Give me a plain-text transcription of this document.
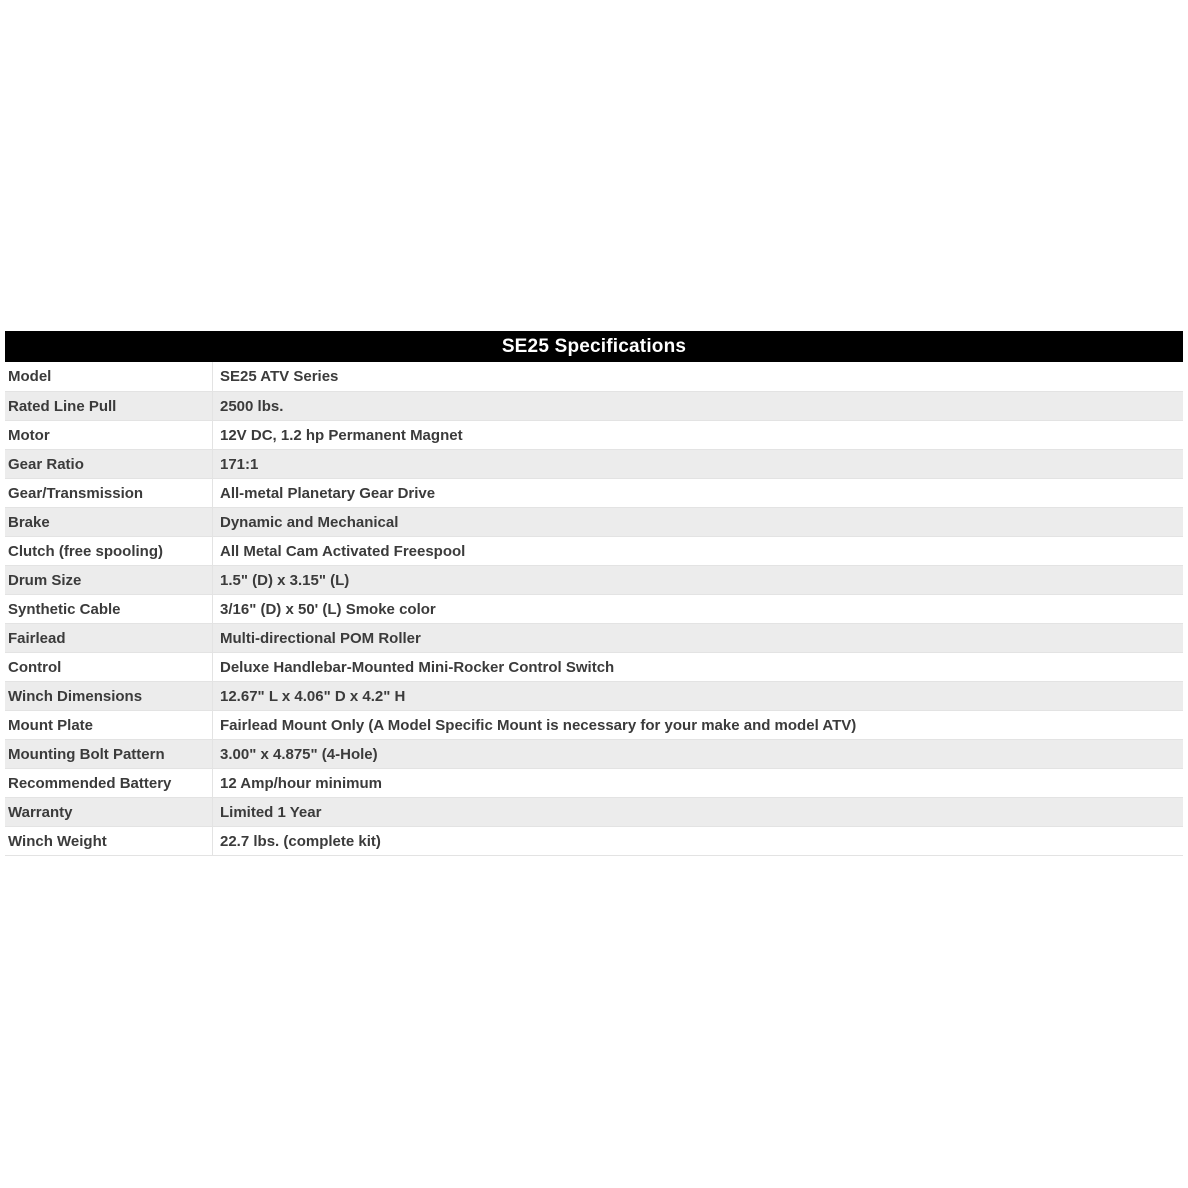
SE25 Specifications
Model	SE25 ATV Series
Rated Line Pull	2500 lbs.
Motor	12V DC, 1.2 hp Permanent Magnet
Gear Ratio	171:1
Gear/Transmission	All-metal Planetary Gear Drive
Brake	Dynamic and Mechanical
Clutch (free spooling)	All Metal Cam Activated Freespool
Drum Size	1.5" (D) x 3.15" (L)
Synthetic Cable	3/16" (D) x 50' (L) Smoke color
Fairlead	Multi-directional POM Roller
Control	Deluxe Handlebar-Mounted Mini-Rocker Control Switch
Winch Dimensions	12.67" L x 4.06" D x 4.2" H
Mount Plate	Fairlead Mount Only (A Model Specific Mount is necessary for your make and model ATV)
Mounting Bolt Pattern	3.00" x 4.875" (4-Hole)
Recommended Battery	12 Amp/hour minimum
Warranty	Limited 1 Year
Winch Weight	22.7 lbs. (complete kit)
